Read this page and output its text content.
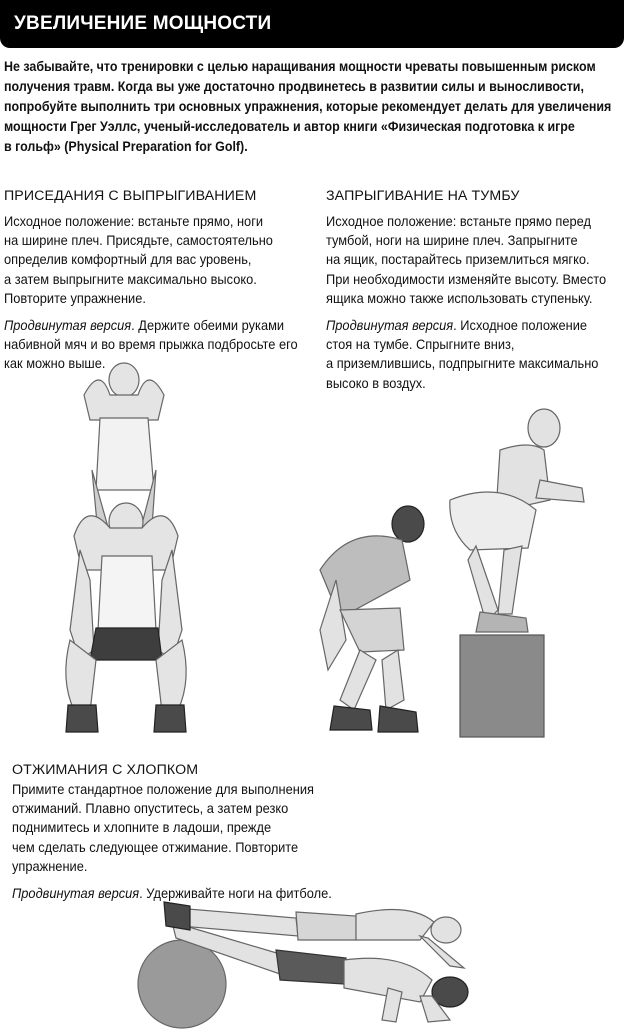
УВЕЛИЧЕНИЕ МОЩНОСТИ
Не забывайте, что тренировки с целью наращивания мощности чреваты повышенным риском
получения травм. Когда вы уже достаточно продвинетесь в развитии силы и выносливости,
попробуйте выполнить три основных упражнения, которые рекомендует делать для увеличения
мощности Грег Уэллс, ученый-исследователь и автор книги «Физическая подготовка к игре
в гольф» (Physical Preparation for Golf).
ПРИСЕДАНИЯ С ВЫПРЫГИВАНИЕМ
Исходное положение: встаньте прямо, ноги
на ширине плеч. Присядьте, самостоятельно
определив комфортный для вас уровень,
а затем выпрыгните максимально высоко.
Повторите упражнение.
Продвинутая версия. Держите обеими руками
набивной мяч и во время прыжка подбросьте его
как можно выше.
ЗАПРЫГИВАНИЕ НА ТУМБУ
Исходное положение: встаньте прямо перед
тумбой, ноги на ширине плеч. Запрыгните
на ящик, постарайтесь приземлиться мягко.
При необходимости изменяйте высоту. Вместо
ящика можно также использовать ступеньку.
Продвинутая версия. Исходное положение
стоя на тумбе. Спрыгните вниз,
а приземлившись, подпрыгните максимально
высоко в воздух.
ОТЖИМАНИЯ С ХЛОПКОМ
Примите стандартное положение для выполнения
отжиманий. Плавно опуститесь, а затем резко
поднимитесь и хлопните в ладоши, прежде
чем сделать следующее отжимание. Повторите
упражнение.
Продвинутая версия. Удерживайте ноги на фитболе.
